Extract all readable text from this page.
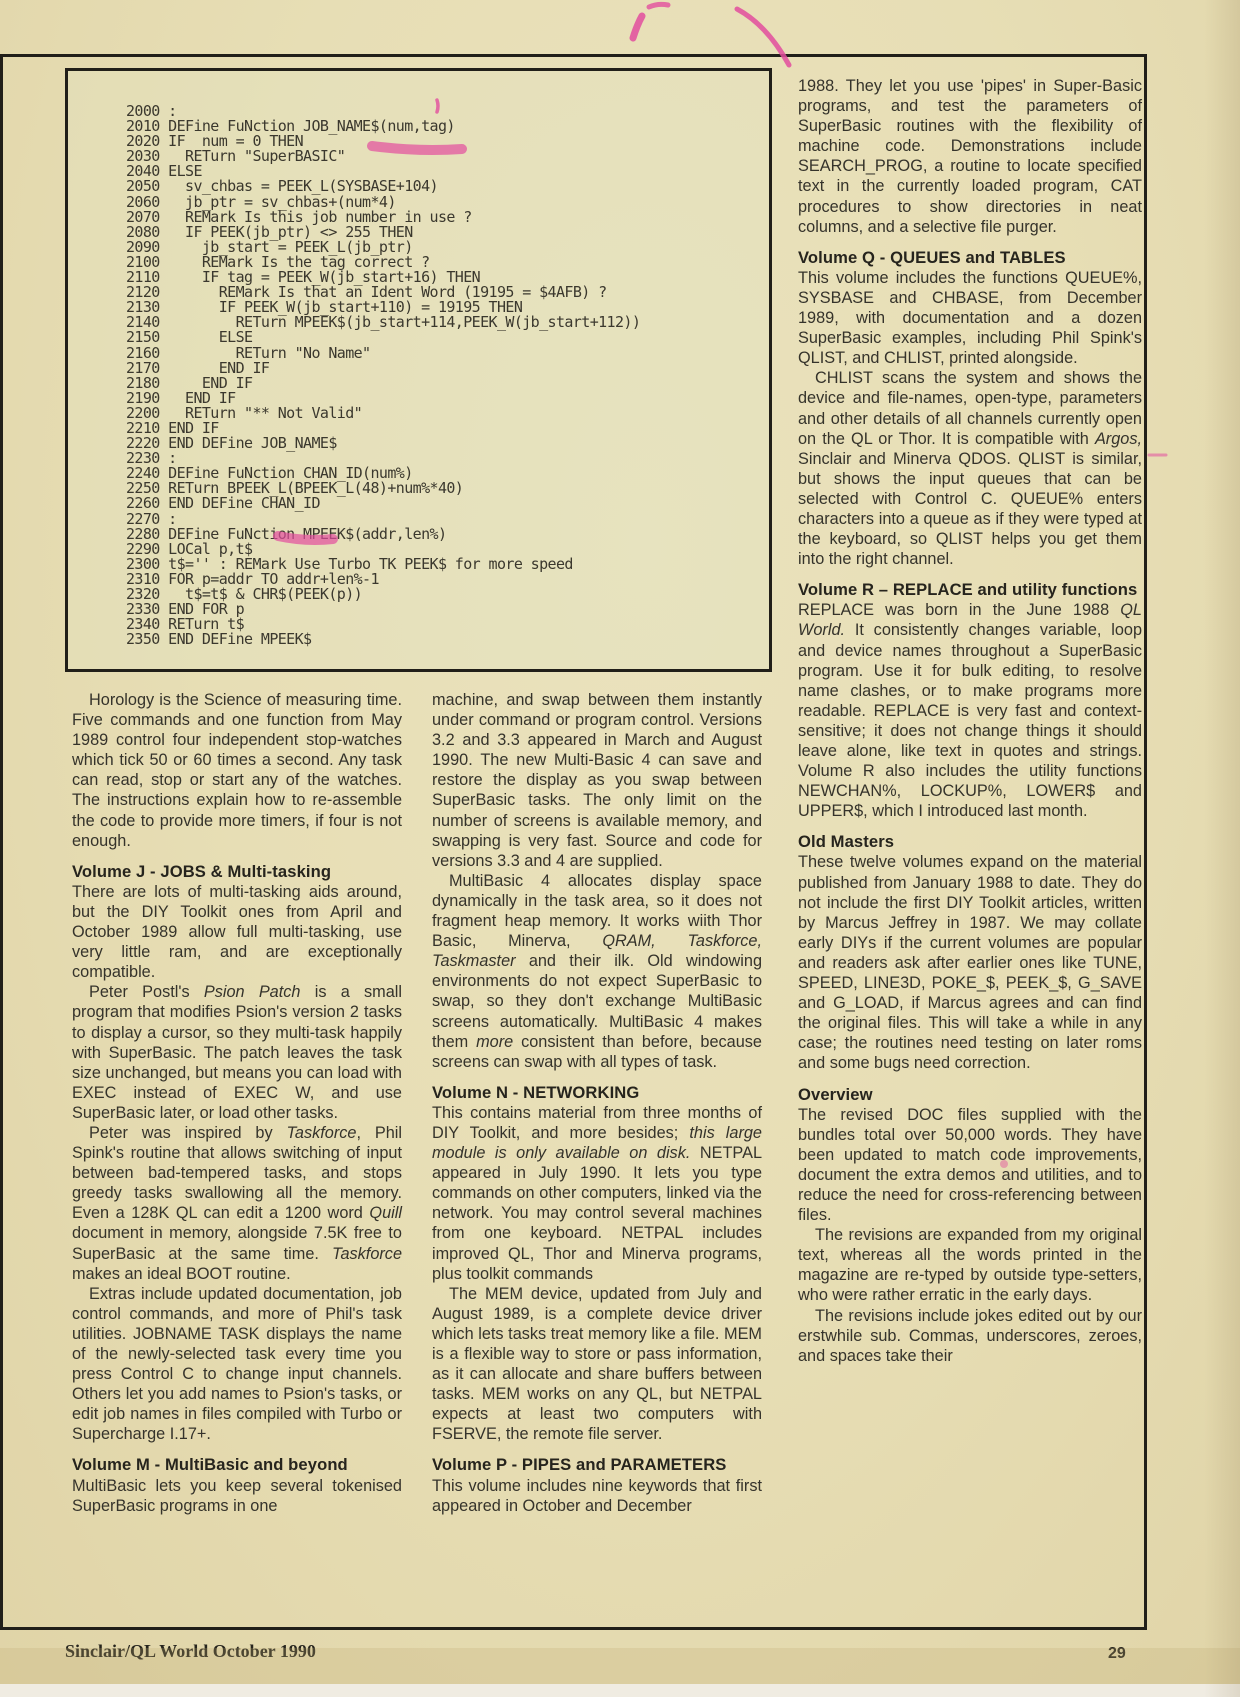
2000 :
2010 DEFine FuNction JOB_NAME$(num,tag)
2020 IF  num = 0 THEN
2030   RETurn "SuperBASIC"
2040 ELSE
2050   sv_chbas = PEEK_L(SYSBASE+104)
2060   jb_ptr = sv_chbas+(num*4)
2070   REMark Is this job number in use ?
2080   IF PEEK(jb_ptr) <> 255 THEN
2090     jb_start = PEEK_L(jb_ptr)
2100     REMark Is the tag correct ?
2110     IF tag = PEEK_W(jb_start+16) THEN
2120       REMark Is that an Ident Word (19195 = $4AFB) ?
2130       IF PEEK_W(jb_start+110) = 19195 THEN
2140         RETurn MPEEK$(jb_start+114,PEEK_W(jb_start+112))
2150       ELSE
2160         RETurn "No Name"
2170       END IF
2180     END IF
2190   END IF
2200   RETurn "** Not Valid"
2210 END IF
2220 END DEFine JOB_NAME$
2230 :
2240 DEFine FuNction CHAN_ID(num%)
2250 RETurn BPEEK_L(BPEEK_L(48)+num%*40)
2260 END DEFine CHAN_ID
2270 :
2280 DEFine FuNction MPEEK$(addr,len%)
2290 LOCal p,t$
2300 t$='' : REMark Use Turbo TK PEEK$ for more speed
2310 FOR p=addr TO addr+len%-1
2320   t$=t$ & CHR$(PEEK(p))
2330 END FOR p
2340 RETurn t$
2350 END DEFine MPEEK$

Horology is the Science of measuring time. Five commands and one function from May 1989 control four independent stop-watches which tick 50 or 60 times a second. Any task can read, stop or start any of the watches. The instructions explain how to re-assemble the code to provide more timers, if four is not enough.

Volume J - JOBS & Multi-tasking

There are lots of multi-tasking aids around, but the DIY Toolkit ones from April and October 1989 allow full multi-tasking, use very little ram, and are exceptionally compatible.

Peter Postl's Psion Patch is a small program that modifies Psion's version 2 tasks to display a cursor, so they multi-task happily with SuperBasic. The patch leaves the task size unchanged, but means you can load with EXEC instead of EXEC W, and use SuperBasic later, or load other tasks.

Peter was inspired by Taskforce, Phil Spink's routine that allows switching of input between bad-tempered tasks, and stops greedy tasks swallowing all the memory. Even a 128K QL can edit a 1200 word Quill document in memory, alongside 7.5K free to SuperBasic at the same time. Taskforce makes an ideal BOOT routine.

Extras include updated documentation, job control commands, and more of Phil's task utilities. JOBNAME TASK displays the name of the newly-selected task every time you press Control C to change input channels. Others let you add names to Psion's tasks, or edit job names in files compiled with Turbo or Supercharge I.17+.

Volume M - MultiBasic and beyond

MultiBasic lets you keep several tokenised SuperBasic programs in one

machine, and swap between them instantly under command or program control. Versions 3.2 and 3.3 appeared in March and August 1990. The new Multi-Basic 4 can save and restore the display as you swap between SuperBasic tasks. The only limit on the number of screens is available memory, and swapping is very fast. Source and code for versions 3.3 and 4 are supplied.

MultiBasic 4 allocates display space dynamically in the task area, so it does not fragment heap memory. It works wiith Thor Basic, Minerva, QRAM, Taskforce, Taskmaster and their ilk. Old windowing environments do not expect SuperBasic to swap, so they don't exchange MultiBasic screens automatically. MultiBasic 4 makes them more consistent than before, because screens can swap with all types of task.

Volume N - NETWORKING

This contains material from three months of DIY Toolkit, and more besides; this large module is only available on disk. NETPAL appeared in July 1990. It lets you type commands on other computers, linked via the network. You may control several machines from one keyboard. NETPAL includes improved QL, Thor and Minerva programs, plus toolkit commands

The MEM device, updated from July and August 1989, is a complete device driver which lets tasks treat memory like a file. MEM is a flexible way to store or pass information, as it can allocate and share buffers between tasks. MEM works on any QL, but NETPAL expects at least two computers with FSERVE, the remote file server.

Volume P - PIPES and PARAMETERS

This volume includes nine keywords that first appeared in October and December

1988. They let you use 'pipes' in Super-Basic programs, and test the parameters of SuperBasic routines with the flexibility of machine code. Demonstrations include SEARCH_PROG, a routine to locate specified text in the currently loaded program, CAT procedures to show directories in neat columns, and a selective file purger.

Volume Q - QUEUES and TABLES

This volume includes the functions QUEUE%, SYSBASE and CHBASE, from December 1989, with documentation and a dozen SuperBasic examples, including Phil Spink's QLIST, and CHLIST, printed alongside.

CHLIST scans the system and shows the device and file-names, open-type, parameters and other details of all channels currently open on the QL or Thor. It is compatible with Argos, Sinclair and Minerva QDOS. QLIST is similar, but shows the input queues that can be selected with Control C. QUEUE% enters characters into a queue as if they were typed at the keyboard, so QLIST helps you get them into the right channel.

Volume R – REPLACE and utility functions

REPLACE was born in the June 1988 QL World. It consistently changes variable, loop and device names throughout a SuperBasic program. Use it for bulk editing, to resolve name clashes, or to make programs more readable. REPLACE is very fast and context-sensitive; it does not change things it should leave alone, like text in quotes and strings. Volume R also includes the utility functions NEWCHAN%, LOCKUP%, LOWER$ and UPPER$, which I introduced last month.

Old Masters

These twelve volumes expand on the material published from January 1988 to date. They do not include the first DIY Toolkit articles, written by Marcus Jeffrey in 1987. We may collate early DIYs if the current volumes are popular and readers ask after earlier ones like TUNE, SPEED, LINE3D, POKE_$, PEEK_$, G_SAVE and G_LOAD, if Marcus agrees and can find the original files. This will take a while in any case; the routines need testing on later roms and some bugs need correction.

Overview

The revised DOC files supplied with the bundles total over 50,000 words. They have been updated to match code improvements, document the extra demos and utilities, and to reduce the need for cross-referencing between files.

The revisions are expanded from my original text, whereas all the words printed in the magazine are re-typed by outside type-setters, who were rather erratic in the early days.

The revisions include jokes edited out by our erstwhile sub. Commas, underscores, zeroes, and spaces take their

Sinclair/QL World October 1990	29
